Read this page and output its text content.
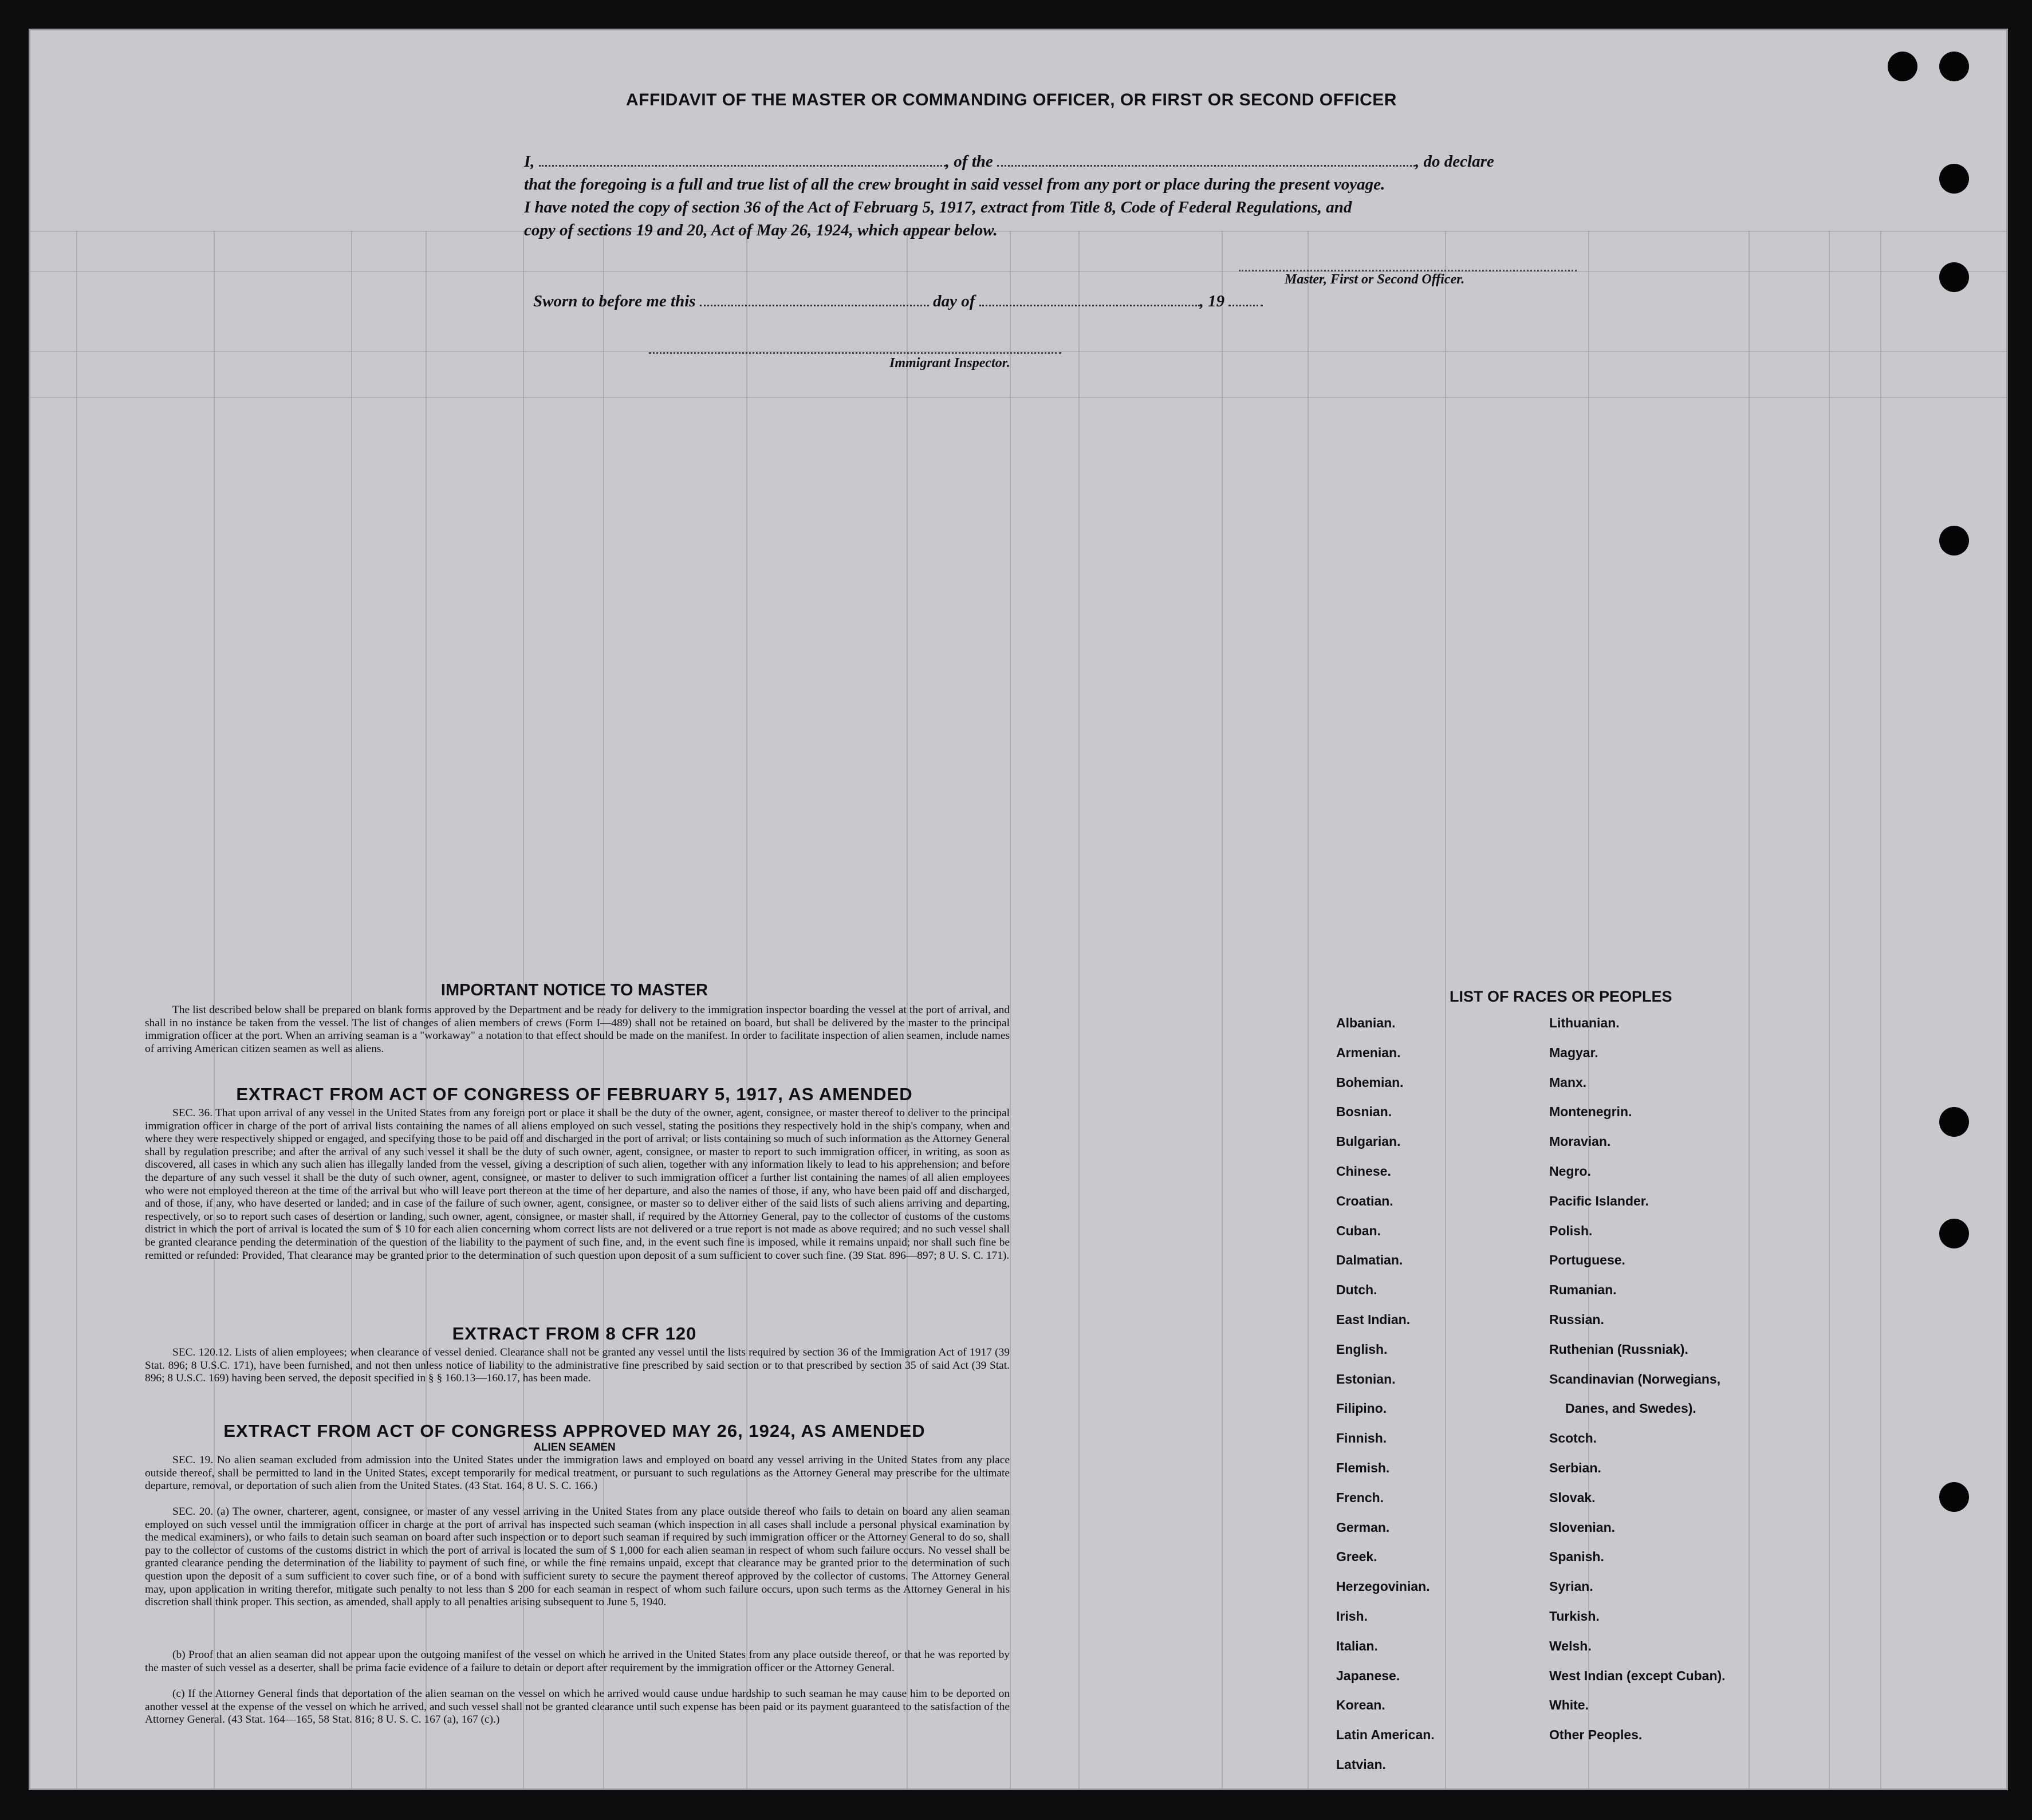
AFFIDAVIT OF THE MASTER OR COMMANDING OFFICER, OR FIRST OR SECOND OFFICER
I,	, of the	, do declare
that the foregoing is a full and true list of all the crew brought in said vessel from any port or place during the present voyage.
I have noted the copy of section 36 of the Act of Februarg 5, 1917, extract from Title 8, Code of Federal Regulations, and
copy of sections 19 and 20, Act of May 26, 1924, which appear below.
Master, First or Second Officer.
Sworn to before me this	day of	, 19
Immigrant Inspector.
IMPORTANT NOTICE TO MASTER

The list described below shall be prepared on blank forms approved by the Department and be ready for delivery to the immigration inspector boarding the vessel at the port of arrival, and shall in no instance be taken from the vessel. The list of changes of alien members of crews (Form I—489) shall not be retained on board, but shall be delivered by the master to the principal immigration officer at the port. When an arriving seaman is a "workaway" a notation to that effect should be made on the manifest. In order to facilitate inspection of alien seamen, include names of arriving American citizen seamen as well as aliens.

EXTRACT FROM ACT OF CONGRESS OF FEBRUARY 5, 1917, AS AMENDED

SEC. 36. That upon arrival of any vessel in the United States from any foreign port or place it shall be the duty of the owner, agent, consignee, or master thereof to deliver to the principal immigration officer in charge of the port of arrival lists containing the names of all aliens employed on such vessel, stating the positions they respectively hold in the ship's company, when and where they were respectively shipped or engaged, and specifying those to be paid off and discharged in the port of arrival; or lists containing so much of such information as the Attorney General shall by regulation prescribe; and after the arrival of any such vessel it shall be the duty of such owner, agent, consignee, or master to report to such immigration officer, in writing, as soon as discovered, all cases in which any such alien has illegally landed from the vessel, giving a description of such alien, together with any information likely to lead to his apprehension; and before the departure of any such vessel it shall be the duty of such owner, agent, consignee, or master to deliver to such immigration officer a further list containing the names of all alien employees who were not employed thereon at the time of the arrival but who will leave port thereon at the time of her departure, and also the names of those, if any, who have been paid off and discharged, and of those, if any, who have deserted or landed; and in case of the failure of such owner, agent, consignee, or master so to deliver either of the said lists of such aliens arriving and departing, respectively, or so to report such cases of desertion or landing, such owner, agent, consignee, or master shall, if required by the Attorney General, pay to the collector of customs of the customs district in which the port of arrival is located the sum of $ 10 for each alien concerning whom correct lists are not delivered or a true report is not made as above required; and no such vessel shall be granted clearance pending the determination of the question of the liability to the payment of such fine, and, in the event such fine is imposed, while it remains unpaid; nor shall such fine be remitted or refunded: Provided, That clearance may be granted prior to the determination of such question upon deposit of a sum sufficient to cover such fine. (39 Stat. 896—897; 8 U. S. C. 171).

EXTRACT FROM 8 CFR 120

SEC. 120.12. Lists of alien employees; when clearance of vessel denied. Clearance shall not be granted any vessel until the lists required by section 36 of the Immigration Act of 1917 (39 Stat. 896; 8 U.S.C. 171), have been furnished, and not then unless notice of liability to the administrative fine prescribed by said section or to that prescribed by section 35 of said Act (39 Stat. 896; 8 U.S.C. 169) having been served, the deposit specified in § § 160.13—160.17, has been made.

EXTRACT FROM ACT OF CONGRESS APPROVED MAY 26, 1924, AS AMENDED
ALIEN SEAMEN

SEC. 19. No alien seaman excluded from admission into the United States under the immigration laws and employed on board any vessel arriving in the United States from any place outside thereof, shall be permitted to land in the United States, except temporarily for medical treatment, or pursuant to such regulations as the Attorney General may prescribe for the ultimate departure, removal, or deportation of such alien from the United States. (43 Stat. 164, 8 U. S. C. 166.)

SEC. 20. (a) The owner, charterer, agent, consignee, or master of any vessel arriving in the United States from any place outside thereof who fails to detain on board any alien seaman employed on such vessel until the immigration officer in charge at the port of arrival has inspected such seaman (which inspection in all cases shall include a personal physical examination by the medical examiners), or who fails to detain such seaman on board after such inspection or to deport such seaman if required by such immigration officer or the Attorney General to do so, shall pay to the collector of customs of the customs district in which the port of arrival is located the sum of $ 1,000 for each alien seaman in respect of whom such failure occurs. No vessel shall be granted clearance pending the determination of the liability to payment of such fine, or while the fine remains unpaid, except that clearance may be granted prior to the determination of such question upon the deposit of a sum sufficient to cover such fine, or of a bond with sufficient surety to secure the payment thereof approved by the collector of customs. The Attorney General may, upon application in writing therefor, mitigate such penalty to not less than $ 200 for each seaman in respect of whom such failure occurs, upon such terms as the Attorney General in his discretion shall think proper. This section, as amended, shall apply to all penalties arising subsequent to June 5, 1940.

(b) Proof that an alien seaman did not appear upon the outgoing manifest of the vessel on which he arrived in the United States from any place outside thereof, or that he was reported by the master of such vessel as a deserter, shall be prima facie evidence of a failure to detain or deport after requirement by the immigration officer or the Attorney General.

(c) If the Attorney General finds that deportation of the alien seaman on the vessel on which he arrived would cause undue hardship to such seaman he may cause him to be deported on another vessel at the expense of the vessel on which he arrived, and such vessel shall not be granted clearance until such expense has been paid or its payment guaranteed to the satisfaction of the Attorney General. (43 Stat. 164—165, 58 Stat. 816; 8 U. S. C. 167 (a), 167 (c).)

LIST OF RACES OR PEOPLES
Albanian.
Armenian.
Bohemian.
Bosnian.
Bulgarian.
Chinese.
Croatian.
Cuban.
Dalmatian.
Dutch.
East Indian.
English.
Estonian.
Filipino.
Finnish.
Flemish.
French.
German.
Greek.
Herzegovinian.
Irish.
Italian.
Japanese.
Korean.
Latin American.
Latvian.
Lithuanian.
Magyar.
Manx.
Montenegrin.
Moravian.
Negro.
Pacific Islander.
Polish.
Portuguese.
Rumanian.
Russian.
Ruthenian (Russniak).
Scandinavian (Norwegians,
Danes, and Swedes).
Scotch.
Serbian.
Slovak.
Slovenian.
Spanish.
Syrian.
Turkish.
Welsh.
West Indian (except Cuban).
White.
Other Peoples.
